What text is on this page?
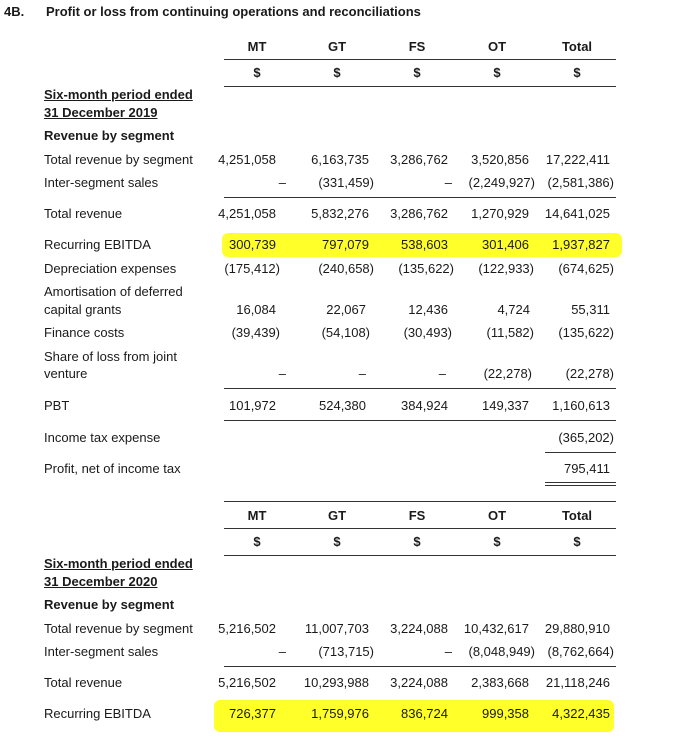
4B. Profit or loss from continuing operations and reconciliations
MT	GT	FS	OT	Total
$	$	$	$	$
Six-month period ended
31 December 2019
Revenue by segment
Total revenue by segment	4,251,058	6,163,735	3,286,762	3,520,856	17,222,411
Inter-segment sales	–	(331,459)	–	(2,249,927) (2,581,386)
Total revenue	4,251,058	5,832,276	3,286,762	1,270,929	14,641,025
Recurring EBITDA	300,739	797,079	538,603	301,406	1,937,827
Depreciation expenses	(175,412)	(240,658)	(135,622)	(122,933)	(674,625)
Amortisation of deferred
capital grants	16,084	22,067	12,436	4,724	55,311
Finance costs	(39,439)	(54,108)	(30,493)	(11,582)	(135,622)
Share of loss from joint
venture	–	–	–	(22,278)	(22,278)
PBT	101,972	524,380	384,924	149,337	1,160,613
Income tax expense	(365,202)
Profit, net of income tax	795,411
MT	GT	FS	OT	Total
$	$	$	$	$
Six-month period ended
31 December 2020
Revenue by segment
Total revenue by segment	5,216,502	11,007,703	3,224,088	10,432,617	29,880,910
Inter-segment sales	–	(713,715)	–	(8,048,949) (8,762,664)
Total revenue	5,216,502	10,293,988	3,224,088	2,383,668	21,118,246
Recurring EBITDA	726,377	1,759,976	836,724	999,358	4,322,435
